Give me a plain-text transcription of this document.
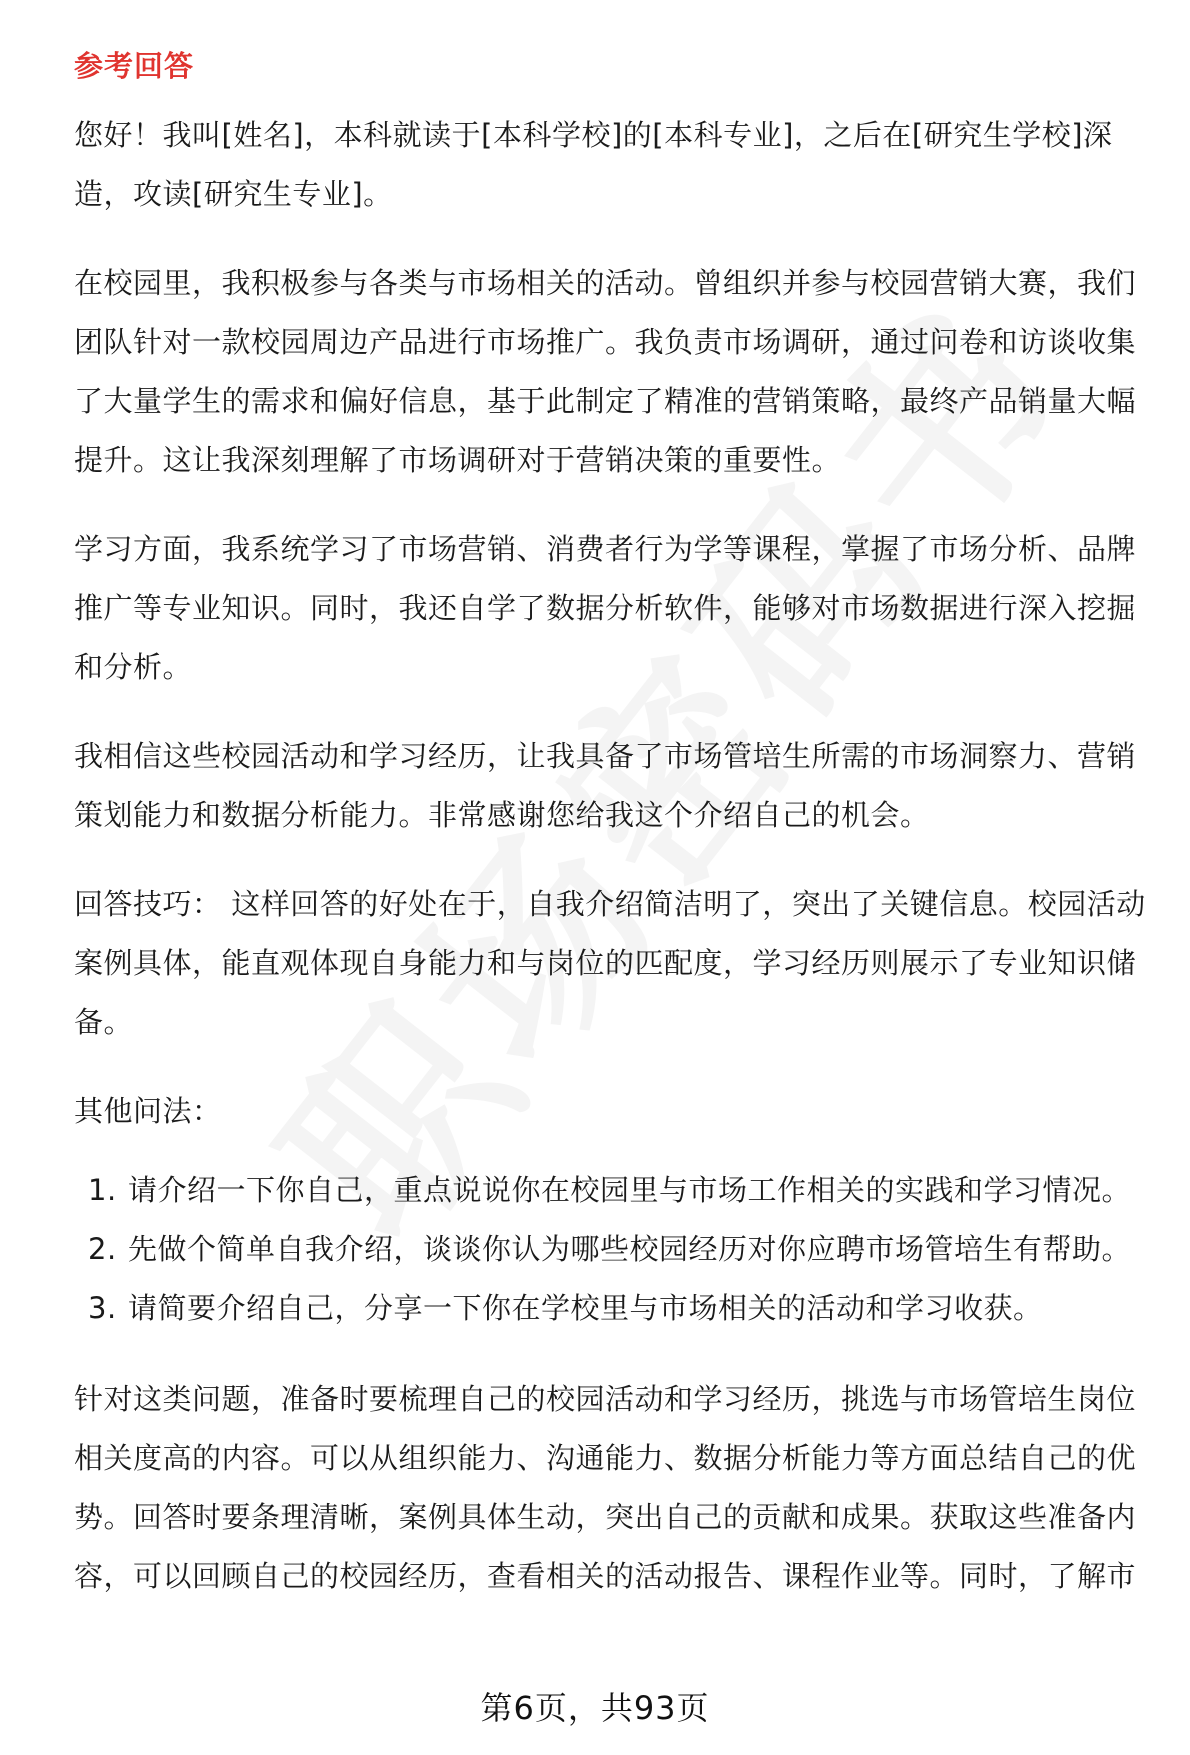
参考回答

您好！我叫[姓名]，本科就读于[本科学校]的[本科专业]，之后在[研究生学校]深造，攻读[研究生专业]。

在校园里，我积极参与各类与市场相关的活动。曾组织并参与校园营销大赛，我们团队针对一款校园周边产品进行市场推广。我负责市场调研，通过问卷和访谈收集了大量学生的需求和偏好信息，基于此制定了精准的营销策略，最终产品销量大幅提升。这让我深刻理解了市场调研对于营销决策的重要性。

学习方面，我系统学习了市场营销、消费者行为学等课程，掌握了市场分析、品牌推广等专业知识。同时，我还自学了数据分析软件，能够对市场数据进行深入挖掘和分析。

我相信这些校园活动和学习经历，让我具备了市场管培生所需的市场洞察力、营销策划能力和数据分析能力。非常感谢您给我这个介绍自己的机会。

回答技巧： 这样回答的好处在于，自我介绍简洁明了，突出了关键信息。校园活动案例具体，能直观体现自身能力和与岗位的匹配度，学习经历则展示了专业知识储备。

其他问法：

1. 请介绍一下你自己，重点说说你在校园里与市场工作相关的实践和学习情况。
2. 先做个简单自我介绍，谈谈你认为哪些校园经历对你应聘市场管培生有帮助。
3. 请简要介绍自己，分享一下你在学校里与市场相关的活动和学习收获。

针对这类问题，准备时要梳理自己的校园活动和学习经历，挑选与市场管培生岗位相关度高的内容。可以从组织能力、沟通能力、数据分析能力等方面总结自己的优势。回答时要条理清晰，案例具体生动，突出自己的贡献和成果。获取这些准备内容，可以回顾自己的校园经历，查看相关的活动报告、课程作业等。同时，了解市

第6页，共93页
